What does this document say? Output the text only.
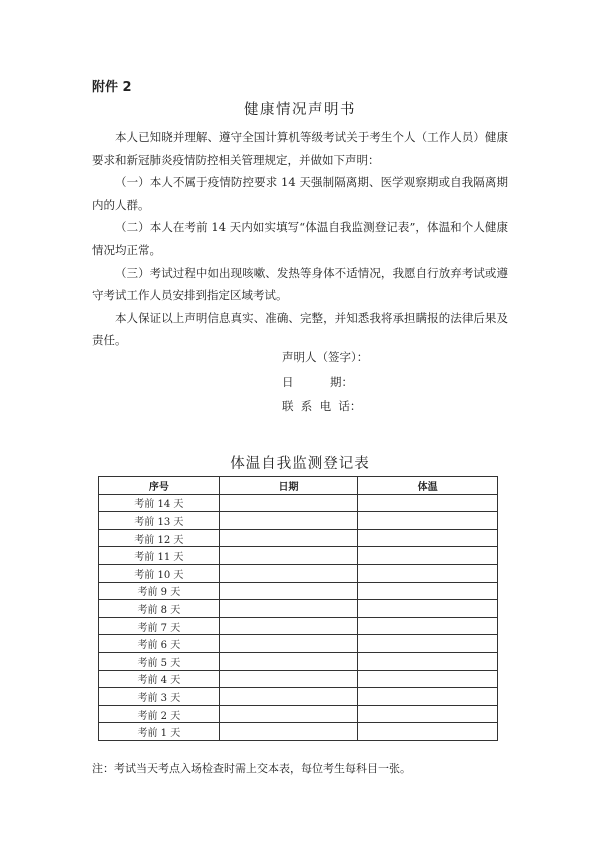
附件 2
健康情况声明书

本人已知晓并理解、遵守全国计算机等级考试关于考生个人（工作人员）健康要求和新冠肺炎疫情防控相关管理规定，并做如下声明：

（一）本人不属于疫情防控要求 14 天强制隔离期、医学观察期或自我隔离期内的人群。

（二）本人在考前 14 天内如实填写“体温自我监测登记表”，体温和个人健康情况均正常。

（三）考试过程中如出现咳嗽、发热等身体不适情况，我愿自行放弃考试或遵守考试工作人员安排到指定区域考试。

本人保证以上声明信息真实、准确、完整，并知悉我将承担瞒报的法律后果及责任。

声明人（签字）：
日          期：
联  系  电  话：
体温自我监测登记表
序号	日期	体温
考前 14 天		
考前 13 天		
考前 12 天		
考前 11 天		
考前 10 天		
考前 9 天		
考前 8 天		
考前 7 天		
考前 6 天		
考前 5 天		
考前 4 天		
考前 3 天		
考前 2 天		
考前 1 天		
注：考试当天考点入场检查时需上交本表，每位考生每科目一张。
